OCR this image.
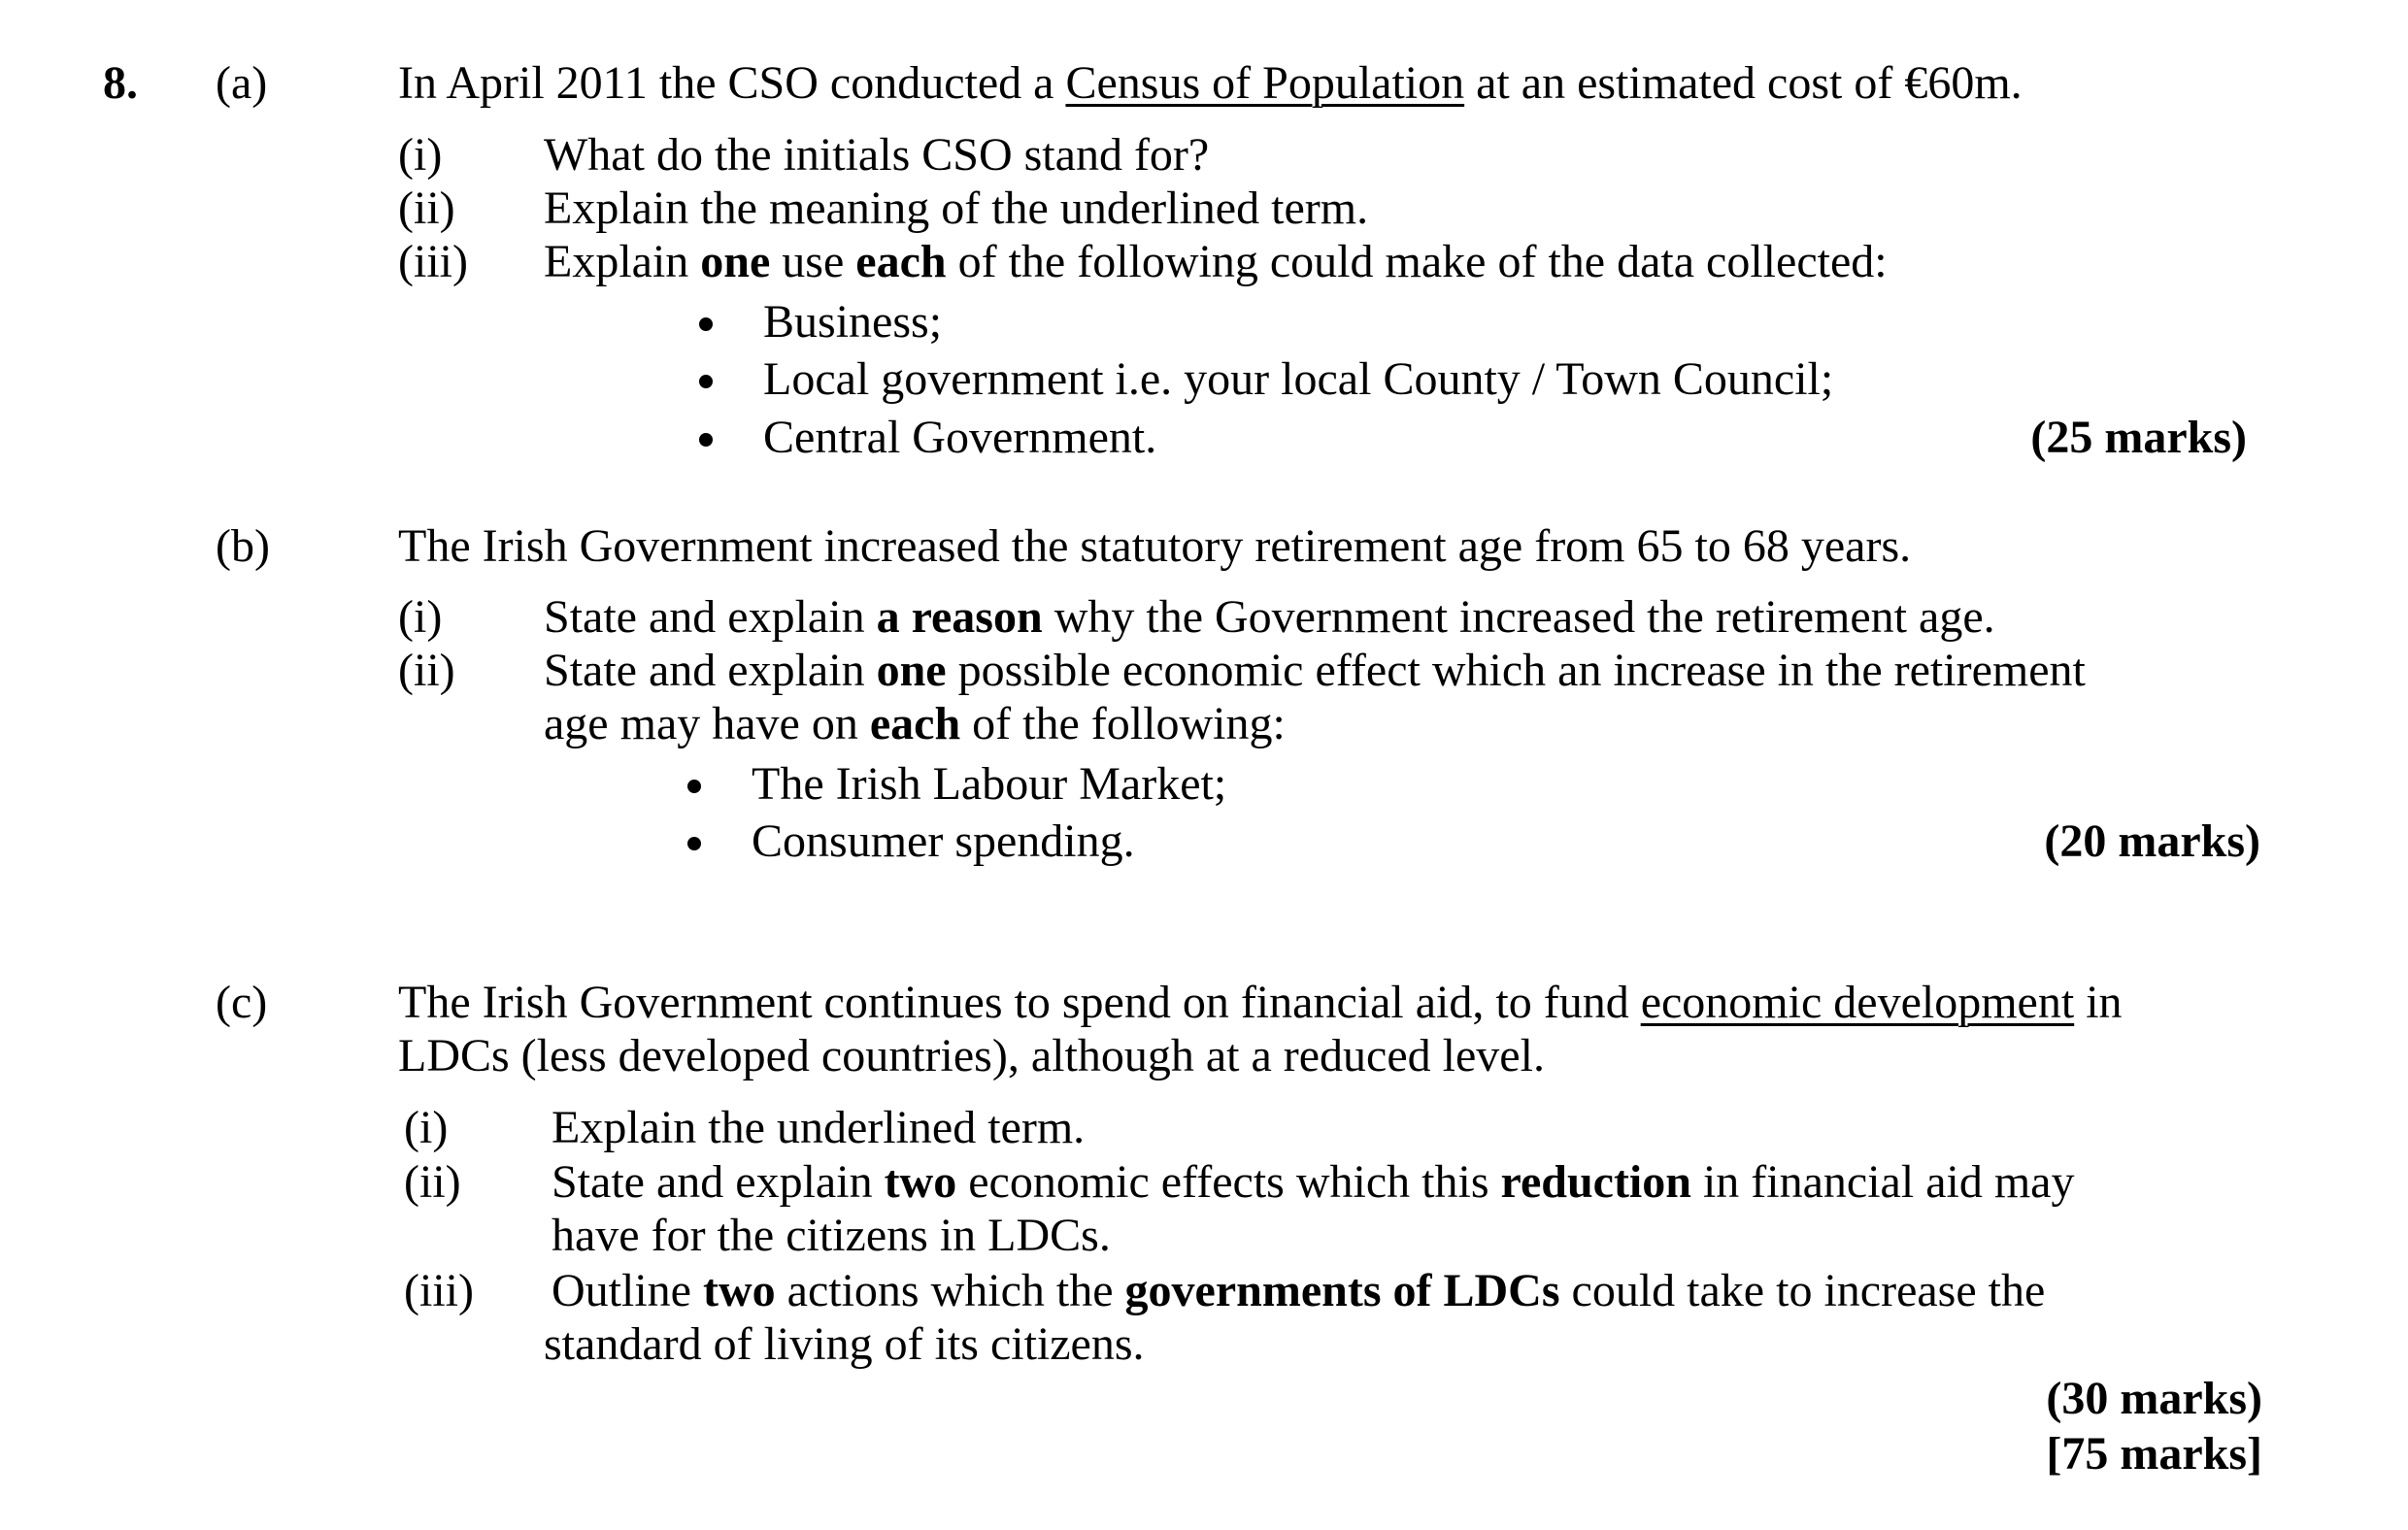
8. (a)	In April 2011 the CSO conducted a Census of Population at an estimated cost of €60m.
(i) What do the initials CSO stand for?
(ii) Explain the meaning of the underlined term.
(iii) Explain one use each of the following could make of the data collected:
Business;
Local government i.e. your local County / Town Council;
Central Government.	(25 marks)
(b)	The Irish Government increased the statutory retirement age from 65 to 68 years.
(i) State and explain a reason why the Government increased the retirement age.
(ii) State and explain one possible economic effect which an increase in the retirement
age may have on each of the following:
The Irish Labour Market;
Consumer spending.	(20 marks)
(c)	The Irish Government continues to spend on financial aid, to fund economic development in
LDCs (less developed countries), although at a reduced level.
(i) Explain the underlined term.
(ii) State and explain two economic effects which this reduction in financial aid may
have for the citizens in LDCs.
(iii) Outline two actions which the governments of LDCs could take to increase the
standard of living of its citizens.
(30 marks)
[75 marks]
